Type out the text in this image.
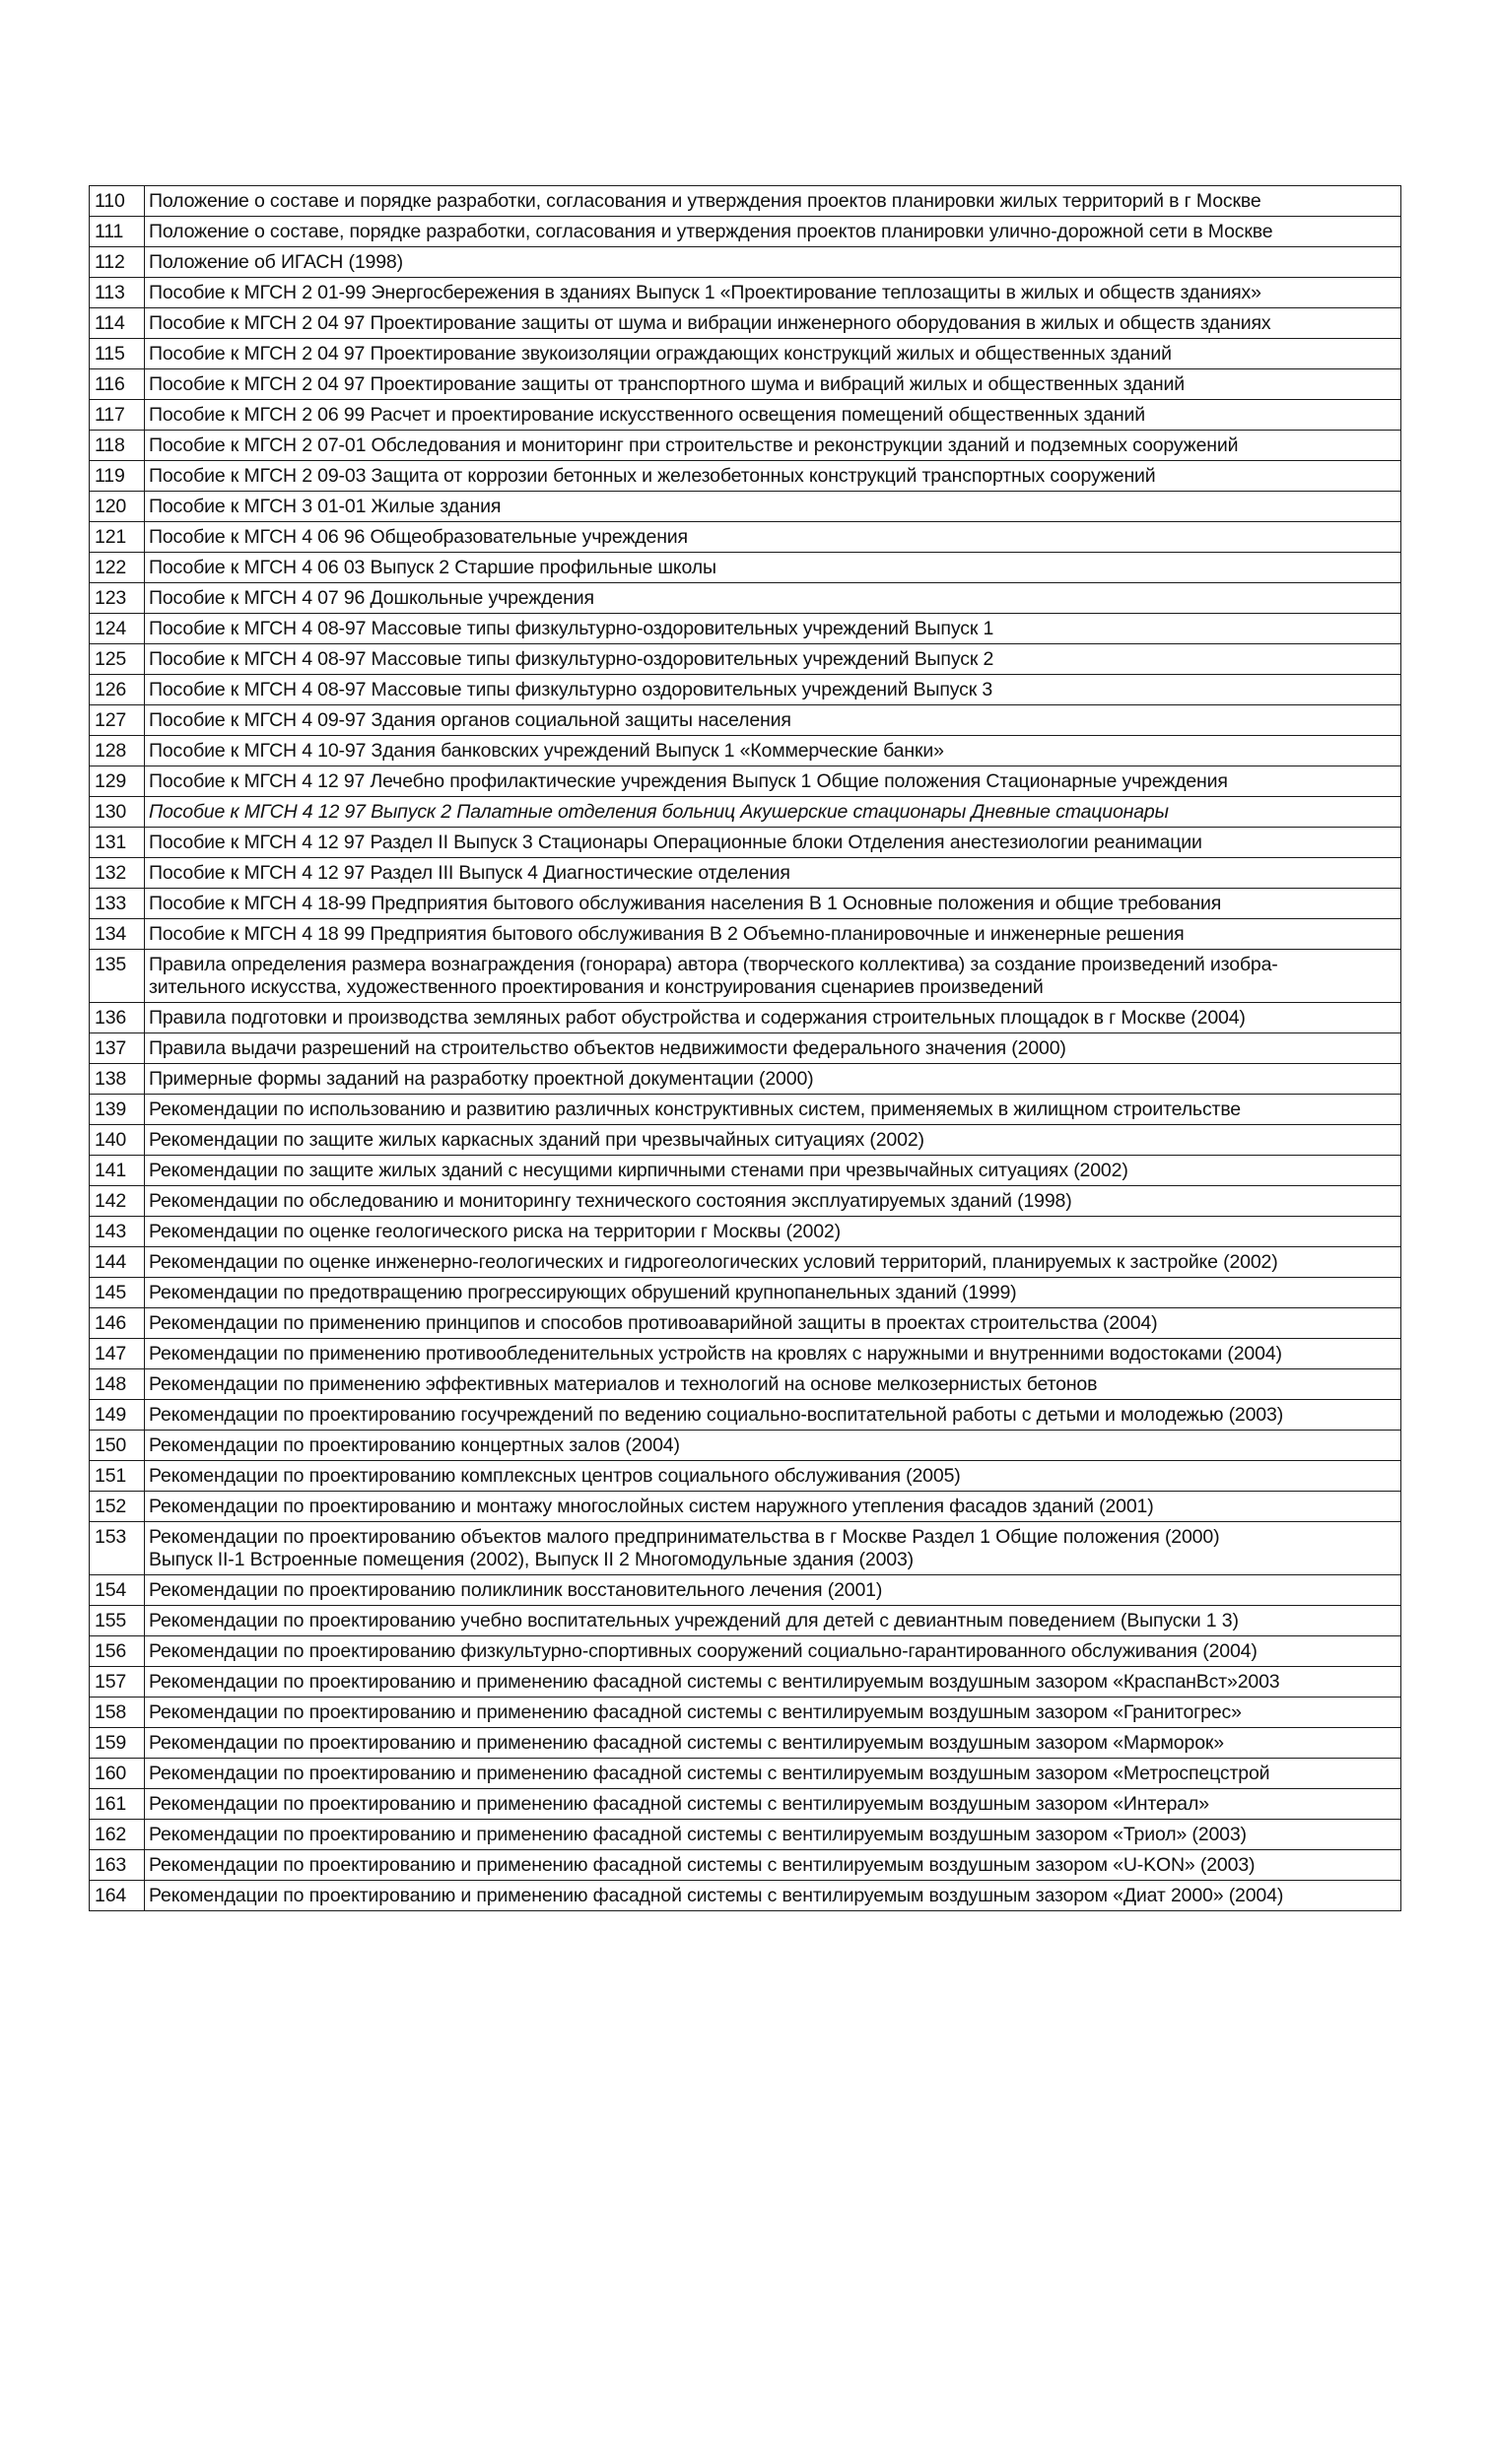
110	Положение о составе и порядке разработки, согласования и утверждения проектов планировки жилых территорий в г Москве

111	Положение о составе, порядке разработки, согласования и утверждения проектов планировки улично-дорожной сети в Москве

112	Положение об ИГАСН (1998)

113	Пособие к МГСН 2 01-99 Энергосбережения в зданиях Выпуск 1 «Проектирование теплозащиты в жилых и обществ зданиях»

114	Пособие к МГСН 2 04 97 Проектирование защиты от шума и вибрации инженерного оборудования в жилых и обществ зданиях

115	Пособие к МГСН 2 04 97 Проектирование звукоизоляции ограждающих конструкций жилых и общественных зданий

116	Пособие к МГСН 2 04 97 Проектирование защиты от транспортного шума и вибраций жилых и общественных зданий

117	Пособие к МГСН 2 06 99 Расчет и проектирование искусственного освещения помещений общественных зданий

118	Пособие к МГСН 2 07-01 Обследования и мониторинг при строительстве и реконструкции зданий и подземных сооружений

119	Пособие к МГСН 2 09-03 Защита от коррозии бетонных и железобетонных конструкций транспортных сооружений

120	Пособие к МГСН 3 01-01 Жилые здания

121	Пособие к МГСН 4 06 96 Общеобразовательные учреждения

122	Пособие к МГСН 4 06 03 Выпуск 2 Старшие профильные школы

123	Пособие к МГСН 4 07 96 Дошкольные учреждения

124	Пособие к МГСН 4 08-97 Массовые типы физкультурно-оздоровительных учреждений Выпуск 1

125	Пособие к МГСН 4 08-97 Массовые типы физкультурно-оздоровительных учреждений Выпуск 2

126	Пособие к МГСН 4 08-97 Массовые типы физкультурно оздоровительных учреждений Выпуск 3

127	Пособие к МГСН 4 09-97 Здания органов социальной защиты населения

128	Пособие к МГСН 4 10-97 Здания банковских учреждений Выпуск 1 «Коммерческие банки»

129	Пособие к МГСН 4 12 97 Лечебно профилактические учреждения Выпуск 1 Общие положения Стационарные учреждения

130	Пособие к МГСН 4 12 97 Выпуск 2 Палатные отделения больниц Акушерские стационары Дневные стационары

131	Пособие к МГСН 4 12 97 Раздел II Выпуск 3 Стационары Операционные блоки Отделения анестезиологии реанимации

132	Пособие к МГСН 4 12 97 Раздел III Выпуск 4 Диагностические отделения

133	Пособие к МГСН 4 18-99 Предприятия бытового обслуживания населения В 1 Основные положения и общие требования

134	Пособие к МГСН 4 18 99 Предприятия бытового обслуживания В 2 Объемно-планировочные и инженерные решения

135	Правила определения размера вознаграждения (гонорара) автора (творческого коллектива) за создание произведений изобра-
зительного искусства, художественного проектирования и конструирования сценариев произведений

136	Правила подготовки и производства земляных работ обустройства и содержания строительных площадок в г Москве (2004)

137	Правила выдачи разрешений на строительство объектов недвижимости федерального значения (2000)

138	Примерные формы заданий на разработку проектной документации (2000)

139	Рекомендации по использованию и развитию различных конструктивных систем, применяемых в жилищном строительстве

140	Рекомендации по защите жилых каркасных зданий при чрезвычайных ситуациях (2002)

141	Рекомендации по защите жилых зданий с несущими кирпичными стенами при чрезвычайных ситуациях (2002)

142	Рекомендации по обследованию и мониторингу технического состояния эксплуатируемых зданий (1998)

143	Рекомендации по оценке геологического риска на территории г Москвы (2002)

144	Рекомендации по оценке инженерно-геологических и гидрогеологических условий территорий, планируемых к застройке (2002)

145	Рекомендации по предотвращению прогрессирующих обрушений крупнопанельных зданий (1999)

146	Рекомендации по применению принципов и способов противоаварийной защиты в проектах строительства (2004)

147	Рекомендации по применению противообледенительных устройств на кровлях с наружными и внутренними водостоками (2004)

148	Рекомендации по применению эффективных материалов и технологий на основе мелкозернистых бетонов

149	Рекомендации по проектированию госучреждений по ведению социально-воспитательной работы с детьми и молодежью (2003)

150	Рекомендации по проектированию концертных залов (2004)

151	Рекомендации по проектированию комплексных центров социального обслуживания (2005)

152	Рекомендации по проектированию и монтажу многослойных систем наружного утепления фасадов зданий (2001)

153	Рекомендации по проектированию объектов малого предпринимательства в г Москве Раздел 1 Общие положения (2000)
Выпуск II-1 Встроенные помещения (2002), Выпуск II 2 Многомодульные здания (2003)

154	Рекомендации по проектированию поликлиник восстановительного лечения (2001)

155	Рекомендации по проектированию учебно воспитательных учреждений для детей с девиантным поведением (Выпуски 1 3)

156	Рекомендации по проектированию физкультурно-спортивных сооружений социально-гарантированного обслуживания (2004)

157	Рекомендации по проектированию и применению фасадной системы с вентилируемым воздушным зазором «КраспанВст»2003

158	Рекомендации по проектированию и применению фасадной системы с вентилируемым воздушным зазором «Гранитогрес»

159	Рекомендации по проектированию и применению фасадной системы с вентилируемым воздушным зазором «Марморок»

160	Рекомендации по проектированию и применению фасадной системы с вентилируемым воздушным зазором «Метроспецстрой

161	Рекомендации по проектированию и применению фасадной системы с вентилируемым воздушным зазором «Интерал»

162	Рекомендации по проектированию и применению фасадной системы с вентилируемым воздушным зазором «Триол» (2003)

163	Рекомендации по проектированию и применению фасадной системы с вентилируемым воздушным зазором «U-KON» (2003)

164	Рекомендации по проектированию и применению фасадной системы с вентилируемым воздушным зазором «Диат 2000» (2004)
